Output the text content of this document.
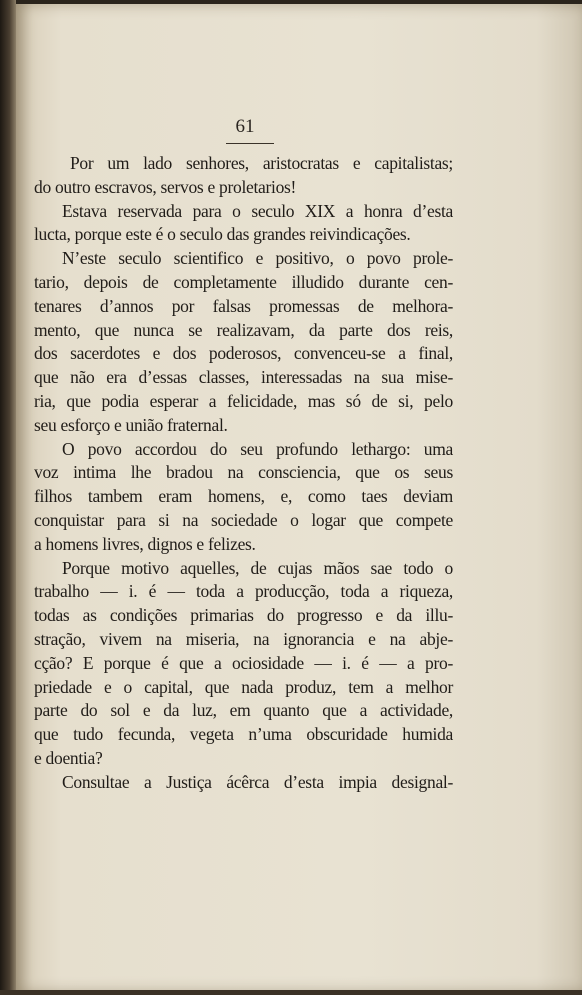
61
Por um lado senhores, aristocratas e capitalistas;
do outro escravos, servos e proletarios!
Estava reservada para o seculo XIX a honra d’esta
lucta, porque este é o seculo das grandes reivindicações.
N’este seculo scientifico e positivo, o povo prole-
tario, depois de completamente illudido durante cen-
tenares d’annos por falsas promessas de melhora-
mento, que nunca se realizavam, da parte dos reis,
dos sacerdotes e dos poderosos, convenceu-se a final,
que não era d’essas classes, interessadas na sua mise-
ria, que podia esperar a felicidade, mas só de si, pelo
seu esforço e união fraternal.
O povo accordou do seu profundo lethargo: uma
voz intima lhe bradou na consciencia, que os seus
filhos tambem eram homens, e, como taes deviam
conquistar para si na sociedade o logar que compete
a homens livres, dignos e felizes.
Porque motivo aquelles, de cujas mãos sae todo o
trabalho — i. é — toda a producção, toda a riqueza,
todas as condições primarias do progresso e da illu-
stração, vivem na miseria, na ignorancia e na abje-
cção? E porque é que a ociosidade — i. é — a pro-
priedade e o capital, que nada produz, tem a melhor
parte do sol e da luz, em quanto que a actividade,
que tudo fecunda, vegeta n’uma obscuridade humida
e doentia?
Consultae a Justiça ácêrca d’esta impia designal-
